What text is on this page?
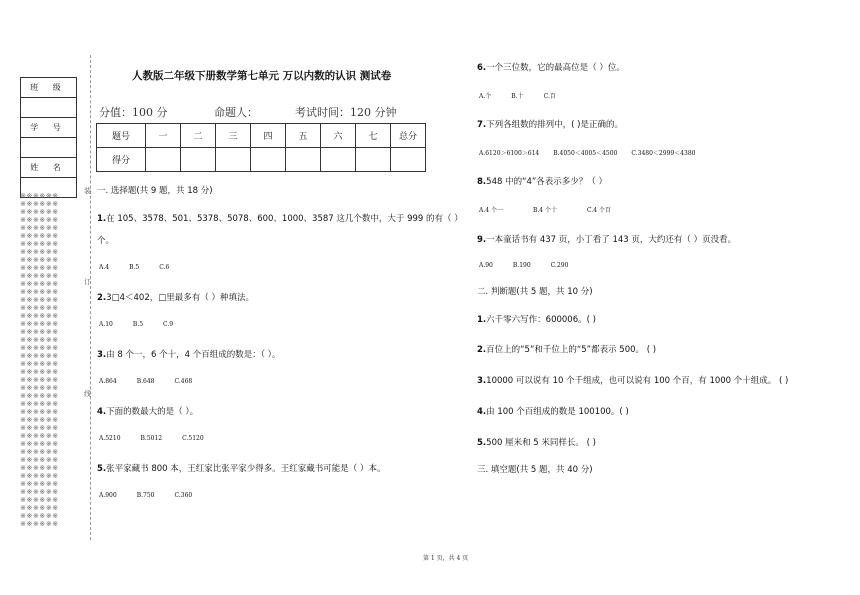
班 级

学 号

姓 名

※※※※※※
※※※※※※
※※※※※※
※※※※※※
※※※※※※
※※※※※※
※※※※※※
※※※※※※
※※※※※※
※※※※※※
※※※※※※
※※※※※※
※※※※※※
※※※※※※
※※※※※※
※※※※※※
※※※※※※
※※※※※※
※※※※※※
※※※※※※
※※※※※※
※※※※※※
※※※※※※
※※※※※※
※※※※※※
※※※※※※
※※※※※※
※※※※※※
※※※※※※
※※※※※※
※※※※※※
※※※※※※
※※※※※※
※※※※※※
※※※※※※
※※※※※※
※※※※※※
※※※※※※
※※※※※※
※※※※※※
※※※※※※
※※※※※※
装
订
线
人教版二年级下册数学第七单元 万以内数的认识 测试卷
分值：100 分	命题人：	考试时间：120 分钟
题号	一	二	三	四	五	六	七	总分
得分								
一. 选择题(共 9 题，共 18 分)
1.在 105、3578、501、5378、5078、600、1000、3587 这几个数中，大于 999 的有（ ）
个。
A.4	B.5	C.6
2.3□4＜402，□里最多有（ ）种填法。
A.10	B.5	C.9
3.由 8 个一，6 个十，4 个百组成的数是：（ ）。
A.864	B.648	C.468
4.下面的数最大的是（ ）。
A.5210	B.5012	C.5120
5.张平家藏书 800 本，王红家比张平家少得多。王红家藏书可能是（ ）本。
A.900	B.750	C.360
6.一个三位数，它的最高位是（ ）位。
A.个	B.十	C.百
7.下列各组数的排列中，( )是正确的。
A.6120＞6100＞614 B.4050＜4005＜4500 C.3480＜2999＜4380
8.548 中的“4”各表示多少？（ ）
A.4 个一	B.4 个十	C.4 个百
9.一本童话书有 437 页，小丁看了 143 页，大约还有（ ）页没看。
A.90	B.190	C.290
二. 判断题(共 5 题，共 10 分)
1.六千零六写作：600006。( )
2.百位上的“5”和千位上的“5”都表示 500。 ( )
3.10000 可以说有 10 个千组成，也可以说有 100 个百，有 1000 个十组成。 ( )
4.由 100 个百组成的数是 100100。( )
5.500 厘米和 5 米同样长。 ( )
三. 填空题(共 5 题，共 40 分)
第 1 页，共 4 页
